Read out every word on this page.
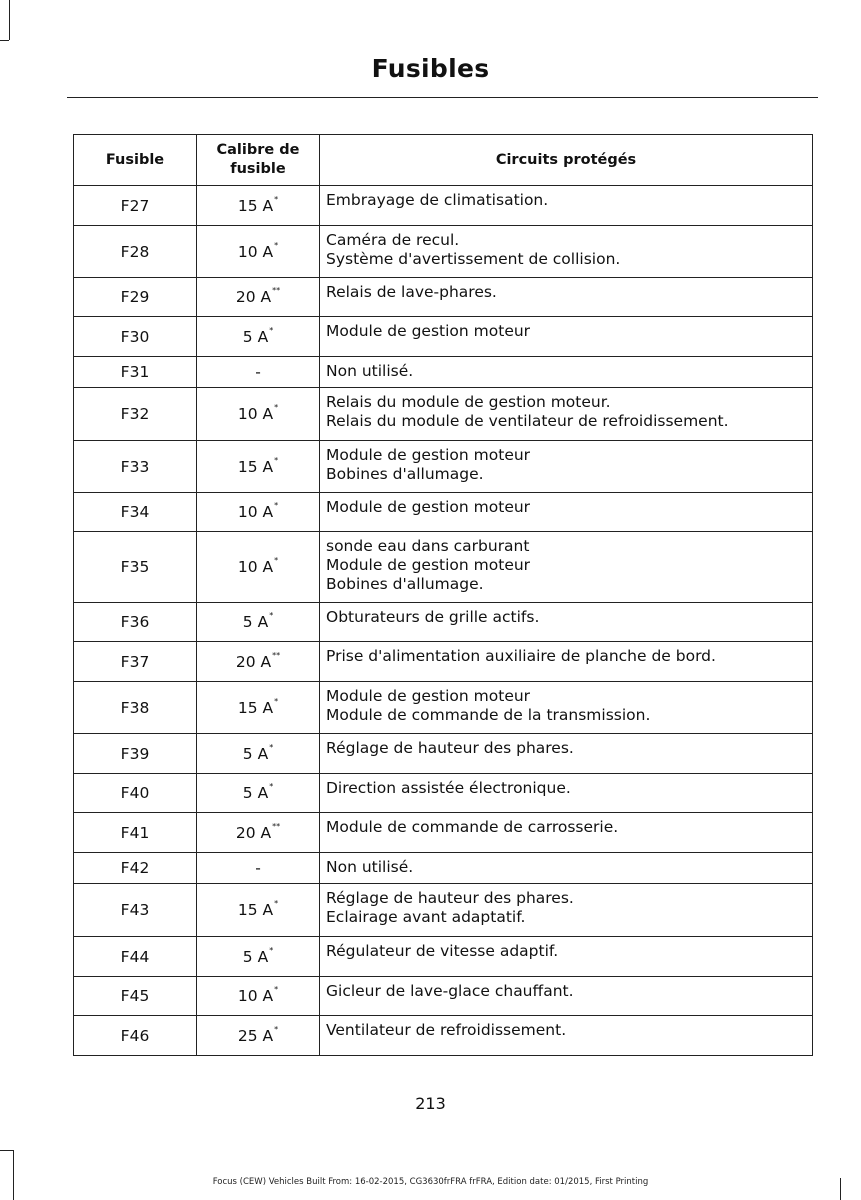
Fusibles
Fusible	Calibre de fusible	Circuits protégés
F27	15 A*	Embrayage de climatisation.
F28	10 A*	Caméra de recul.
Système d'avertissement de collision.
F29	20 A**	Relais de lave-phares.
F30	5 A*	Module de gestion moteur
F31	-	Non utilisé.
F32	10 A*	Relais du module de gestion moteur.
Relais du module de ventilateur de refroidissement.
F33	15 A*	Module de gestion moteur
Bobines d'allumage.
F34	10 A*	Module de gestion moteur
F35	10 A*	sonde eau dans carburant
Module de gestion moteur
Bobines d'allumage.
F36	5 A*	Obturateurs de grille actifs.
F37	20 A**	Prise d'alimentation auxiliaire de planche de bord.
F38	15 A*	Module de gestion moteur
Module de commande de la transmission.
F39	5 A*	Réglage de hauteur des phares.
F40	5 A*	Direction assistée électronique.
F41	20 A**	Module de commande de carrosserie.
F42	-	Non utilisé.
F43	15 A*	Réglage de hauteur des phares.
Eclairage avant adaptatif.
F44	5 A*	Régulateur de vitesse adaptif.
F45	10 A*	Gicleur de lave-glace chauffant.
F46	25 A*	Ventilateur de refroidissement.
213
Focus (CEW) Vehicles Built From: 16-02-2015, CG3630frFRA frFRA, Edition date: 01/2015, First Printing
